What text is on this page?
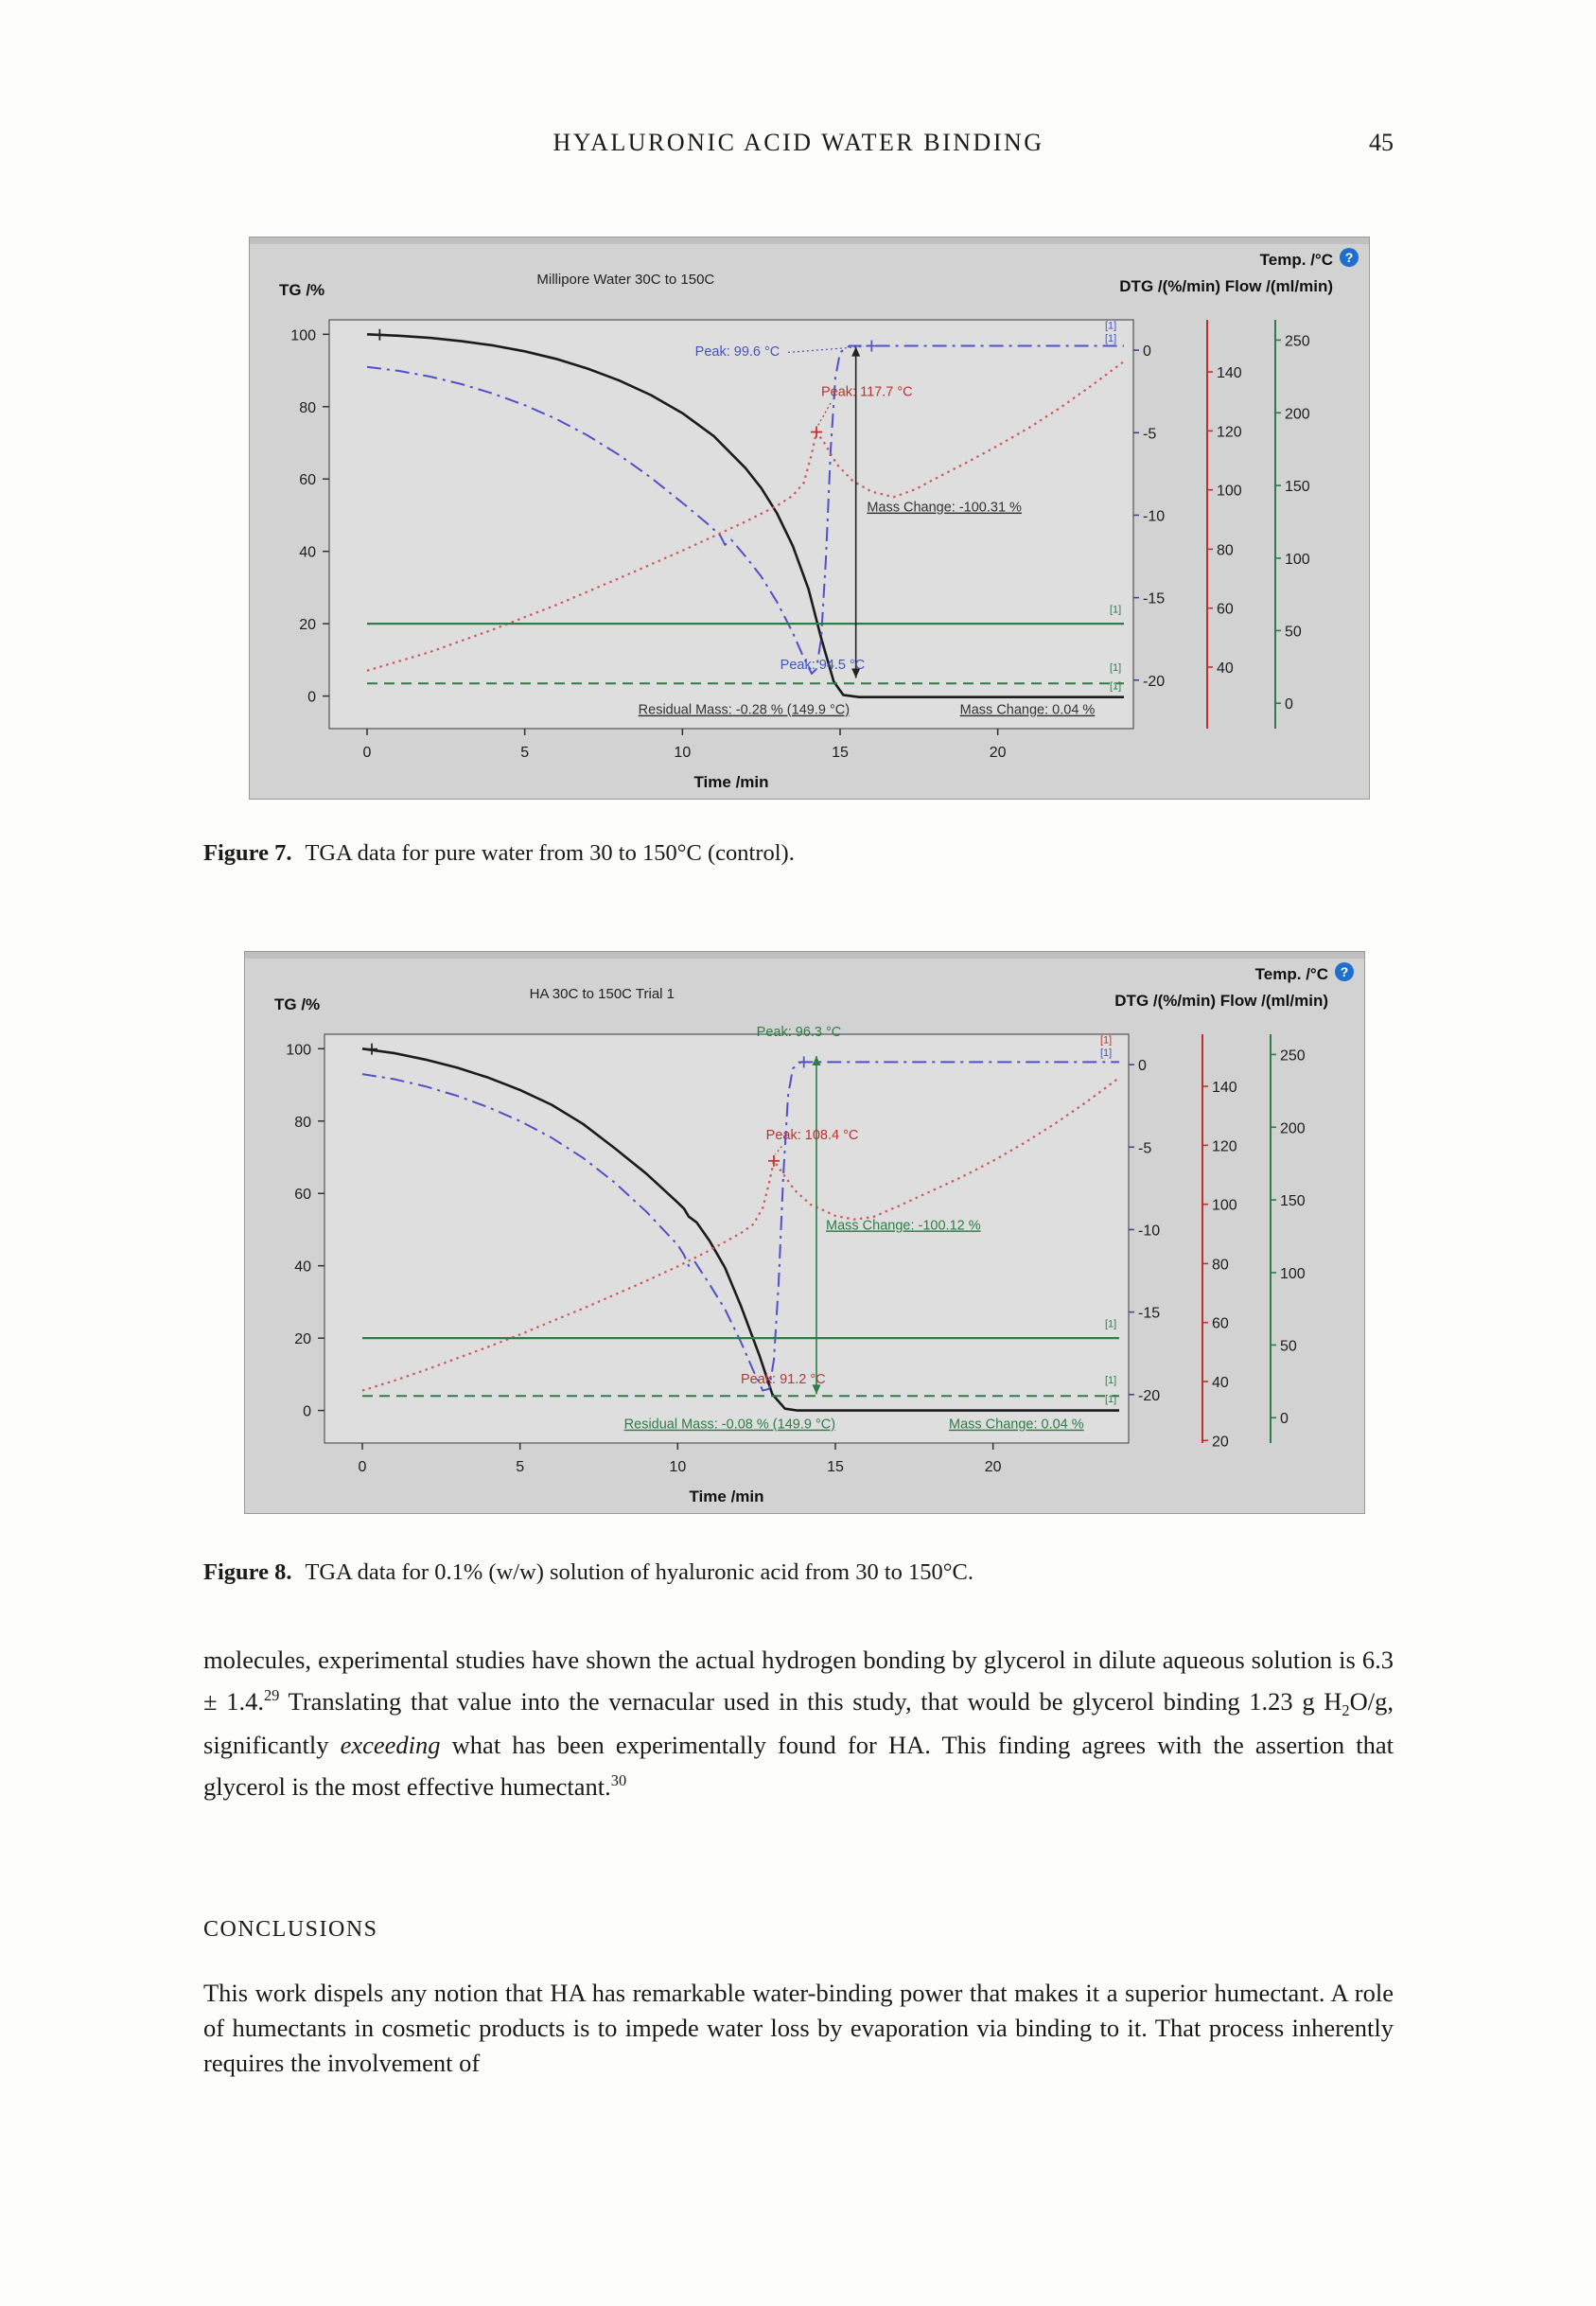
HYALURONIC ACID WATER BINDING	45
0	5	10	15	20
Time /min
0
20
40
60
80
100
TG /%
Millipore Water 30C to 150C
Temp. /°C
DTG /(%/min) Flow /(ml/min)
?
0
-5
-10
-15
-20
140
120
100
80
60
40
250
200
150
100
50
0
Peak: 99.6 °C
Peak: 117.7 °C
Mass Change: -100.31 %
Peak: 94.5 °C
Residual Mass: -0.28 % (149.9 °C)	Mass Change: 0.04 %
[1]
[1]
[1]
[1]
[1]

Figure 7. TGA data for pure water from 30 to 150°C (control).

0	5	10	15	20
Time /min
0
20
40
60
80
100
TG /%
HA 30C to 150C Trial 1
Temp. /°C
DTG /(%/min) Flow /(ml/min)
?
0
-5
-10
-15
-20
140
120
100
80
60
40
20
250
200
150
100
50
0
Peak: 96.3 °C
Peak: 108.4 °C
Mass Change: -100.12 %
Peak: 91.2 °C
Residual Mass: -0.08 % (149.9 °C)	Mass Change: 0.04 %
[1]
[1]
[1]
[1]
[1]

Figure 8. TGA data for 0.1% (w/w) solution of hyaluronic acid from 30 to 150°C.

molecules, experimental studies have shown the actual hydrogen bonding by glycerol in dilute aqueous solution is 6.3 ± 1.4.29 Translating that value into the vernacular used in this study, that would be glycerol binding 1.23 g $H_2O/g$, significantly exceeding what has been experimentally found for HA. This finding agrees with the assertion that glycerol is the most effective humectant.$^{30}$

CONCLUSIONS

This work dispels any notion that HA has remarkable water-binding power that makes it a superior humectant. A role of humectants in cosmetic products is to impede water loss by evaporation via binding to it. That process inherently requires the involvement of
